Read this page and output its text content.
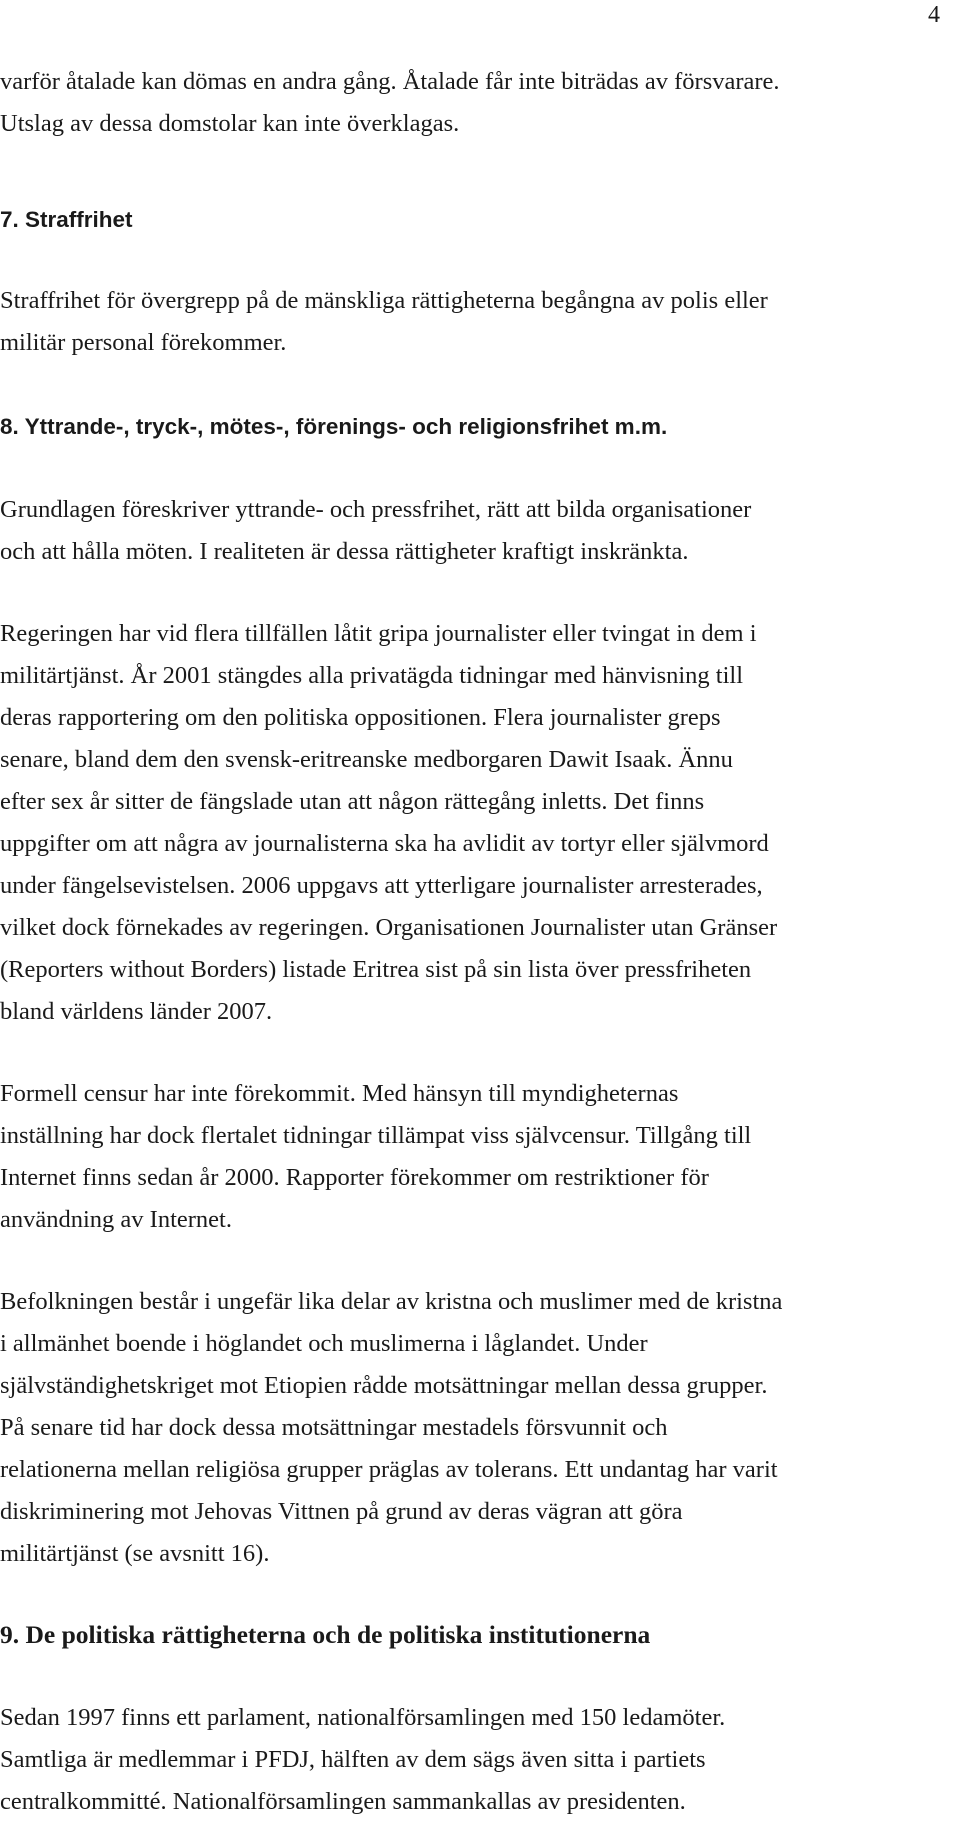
4

varför åtalade kan dömas en andra gång. Åtalade får inte biträdas av försvarare.
Utslag av dessa domstolar kan inte överklagas.

7. Straffrihet

Straffrihet för övergrepp på de mänskliga rättigheterna begångna av polis eller
militär personal förekommer.

8. Yttrande-, tryck-, mötes-, förenings- och religionsfrihet m.m.

Grundlagen föreskriver yttrande- och pressfrihet, rätt att bilda organisationer
och att hålla möten. I realiteten är dessa rättigheter kraftigt inskränkta.

Regeringen har vid flera tillfällen låtit gripa journalister eller tvingat in dem i
militärtjänst. År 2001 stängdes alla privatägda tidningar med hänvisning till
deras rapportering om den politiska oppositionen. Flera journalister greps
senare, bland dem den svensk-eritreanske medborgaren Dawit Isaak. Ännu
efter sex år sitter de fängslade utan att någon rättegång inletts. Det finns
uppgifter om att några av journalisterna ska ha avlidit av tortyr eller självmord
under fängelsevistelsen. 2006 uppgavs att ytterligare journalister arresterades,
vilket dock förnekades av regeringen. Organisationen Journalister utan Gränser
(Reporters without Borders) listade Eritrea sist på sin lista över pressfriheten
bland världens länder 2007.

Formell censur har inte förekommit. Med hänsyn till myndigheternas
inställning har dock flertalet tidningar tillämpat viss självcensur. Tillgång till
Internet finns sedan år 2000. Rapporter förekommer om restriktioner för
användning av Internet.

Befolkningen består i ungefär lika delar av kristna och muslimer med de kristna
i allmänhet boende i höglandet och muslimerna i låglandet. Under
självständighetskriget mot Etiopien rådde motsättningar mellan dessa grupper.
På senare tid har dock dessa motsättningar mestadels försvunnit och
relationerna mellan religiösa grupper präglas av tolerans. Ett undantag har varit
diskriminering mot Jehovas Vittnen på grund av deras vägran att göra
militärtjänst (se avsnitt 16).

9. De politiska rättigheterna och de politiska institutionerna

Sedan 1997 finns ett parlament, nationalförsamlingen med 150 ledamöter.
Samtliga är medlemmar i PFDJ, hälften av dem sägs även sitta i partiets
centralkommitté. Nationalförsamlingen sammankallas av presidenten.
